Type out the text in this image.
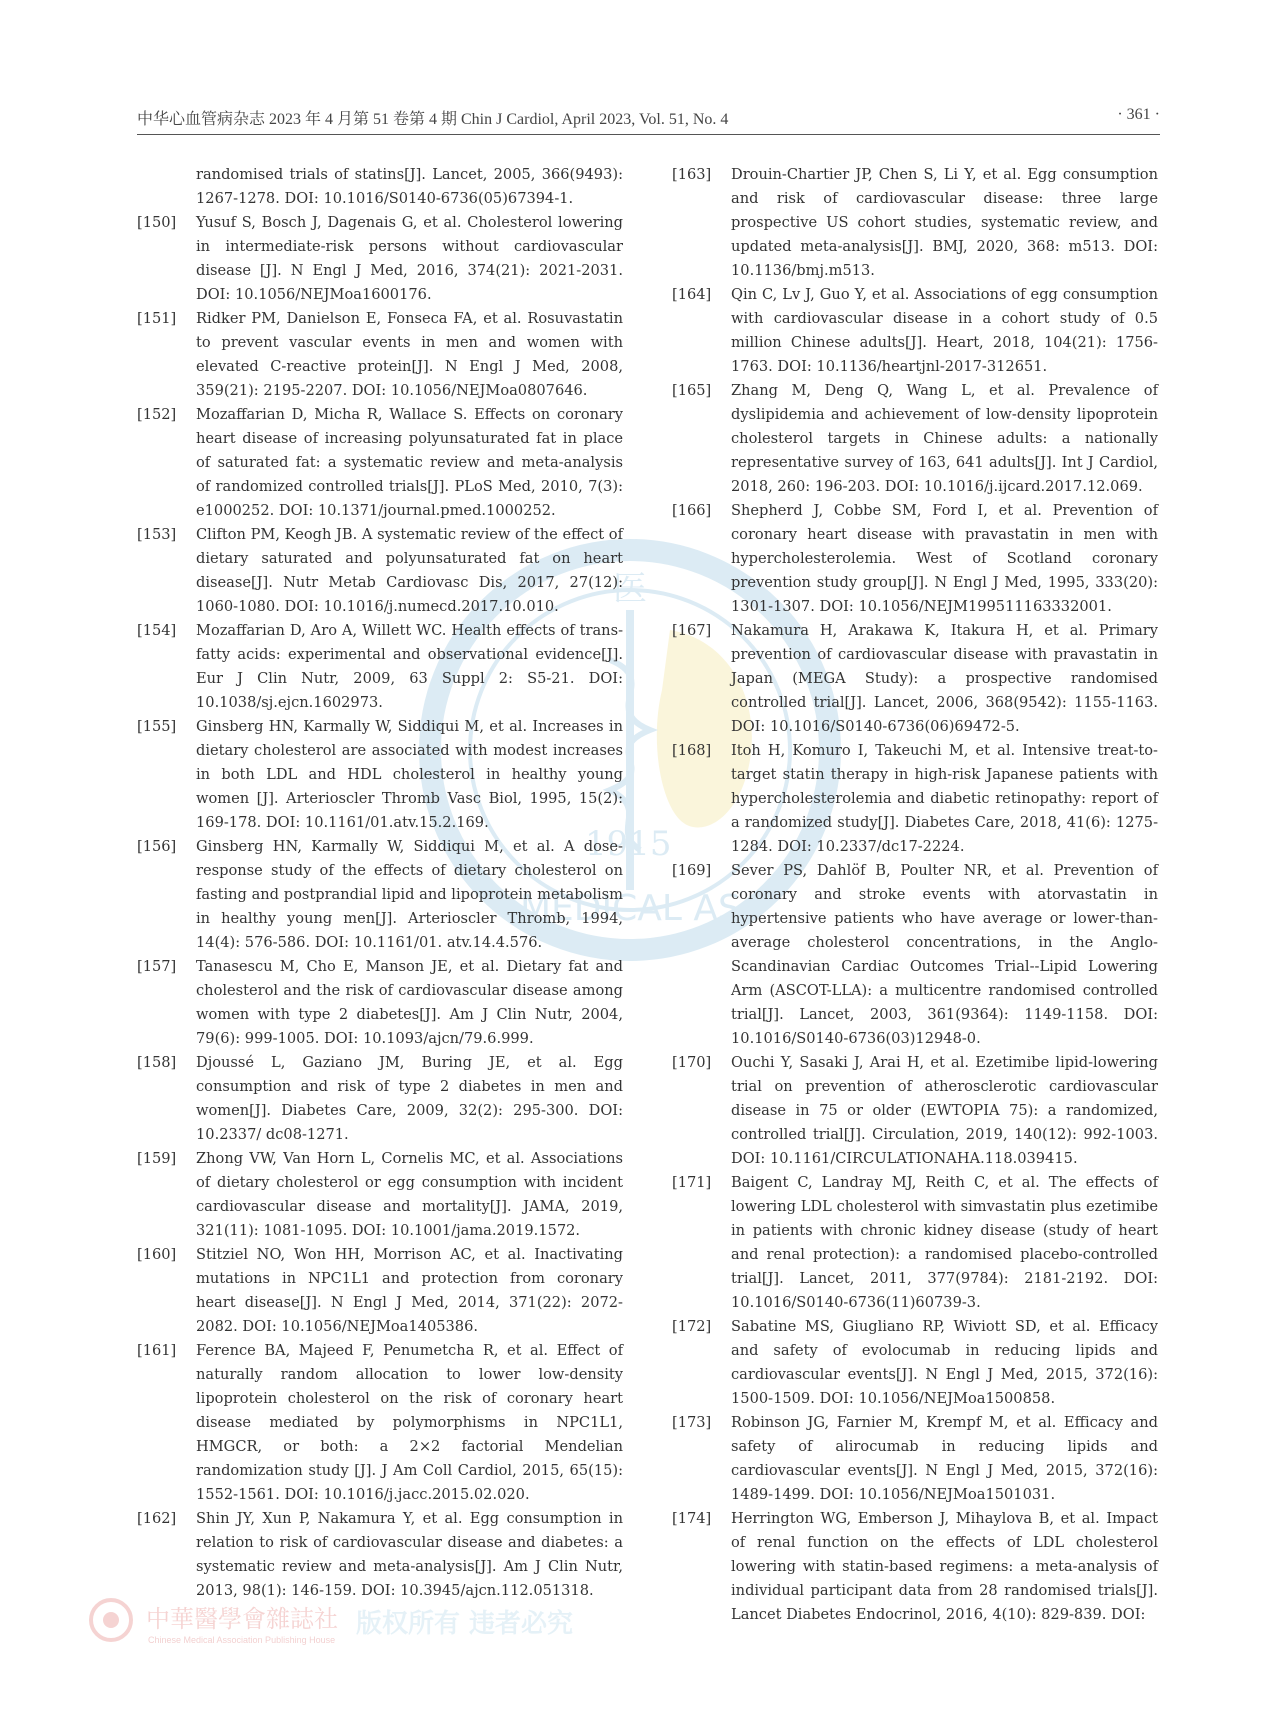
中华心血管病杂志 2023 年 4 月第 51 卷第 4 期 Chin J Cardiol, April 2023, Vol. 51, No. 4	· 361 ·
医
1915
MEDICAL AS
randomised trials of statins[J]. Lancet, 2005, 366(9493): 1267-1278. DOI: 10.1016/S0140-6736(05)67394-1.
[150]	Yusuf S, Bosch J, Dagenais G, et al. Cholesterol lowering in intermediate-risk persons without cardiovascular disease [J]. N Engl J Med, 2016, 374(21): 2021-2031. DOI: 10.1056/NEJMoa1600176.
[151]	Ridker PM, Danielson E, Fonseca FA, et al. Rosuvastatin to prevent vascular events in men and women with elevated C-reactive protein[J]. N Engl J Med, 2008, 359(21): 2195-2207. DOI: 10.1056/NEJMoa0807646.
[152]	Mozaffarian D, Micha R, Wallace S. Effects on coronary heart disease of increasing polyunsaturated fat in place of saturated fat: a systematic review and meta-analysis of randomized controlled trials[J]. PLoS Med, 2010, 7(3): e1000252. DOI: 10.1371/journal.pmed.1000252.
[153]	Clifton PM, Keogh JB. A systematic review of the effect of dietary saturated and polyunsaturated fat on heart disease[J]. Nutr Metab Cardiovasc Dis, 2017, 27(12): 1060-1080. DOI: 10.1016/j.numecd.2017.10.010.
[154]	Mozaffarian D, Aro A, Willett WC. Health effects of trans-fatty acids: experimental and observational evidence[J]. Eur J Clin Nutr, 2009, 63 Suppl 2: S5-21. DOI: 10.1038/sj.ejcn.1602973.
[155]	Ginsberg HN, Karmally W, Siddiqui M, et al. Increases in dietary cholesterol are associated with modest increases in both LDL and HDL cholesterol in healthy young women [J]. Arterioscler Thromb Vasc Biol, 1995, 15(2): 169-178. DOI: 10.1161/01.atv.15.2.169.
[156]	Ginsberg HN, Karmally W, Siddiqui M, et al. A dose-response study of the effects of dietary cholesterol on fasting and postprandial lipid and lipoprotein metabolism in healthy young men[J]. Arterioscler Thromb, 1994, 14(4): 576-586. DOI: 10.1161/01. atv.14.4.576.
[157]	Tanasescu M, Cho E, Manson JE, et al. Dietary fat and cholesterol and the risk of cardiovascular disease among women with type 2 diabetes[J]. Am J Clin Nutr, 2004, 79(6): 999-1005. DOI: 10.1093/ajcn/79.6.999.
[158]	Djoussé L, Gaziano JM, Buring JE, et al. Egg consumption and risk of type 2 diabetes in men and women[J]. Diabetes Care, 2009, 32(2): 295-300. DOI: 10.2337/ dc08-1271.
[159]	Zhong VW, Van Horn L, Cornelis MC, et al. Associations of dietary cholesterol or egg consumption with incident cardiovascular disease and mortality[J]. JAMA, 2019, 321(11): 1081-1095. DOI: 10.1001/jama.2019.1572.
[160]	Stitziel NO, Won HH, Morrison AC, et al. Inactivating mutations in NPC1L1 and protection from coronary heart disease[J]. N Engl J Med, 2014, 371(22): 2072-2082. DOI: 10.1056/NEJMoa1405386.
[161]	Ference BA, Majeed F, Penumetcha R, et al. Effect of naturally random allocation to lower low-density lipoprotein cholesterol on the risk of coronary heart disease mediated by polymorphisms in NPC1L1, HMGCR, or both: a 2×2 factorial Mendelian randomization study [J]. J Am Coll Cardiol, 2015, 65(15): 1552-1561. DOI: 10.1016/j.jacc.2015.02.020.
[162]	Shin JY, Xun P, Nakamura Y, et al. Egg consumption in relation to risk of cardiovascular disease and diabetes: a systematic review and meta-analysis[J]. Am J Clin Nutr, 2013, 98(1): 146-159. DOI: 10.3945/ajcn.112.051318.
[163]	Drouin-Chartier JP, Chen S, Li Y, et al. Egg consumption and risk of cardiovascular disease: three large prospective US cohort studies, systematic review, and updated meta-analysis[J]. BMJ, 2020, 368: m513. DOI: 10.1136/bmj.m513.
[164]	Qin C, Lv J, Guo Y, et al. Associations of egg consumption with cardiovascular disease in a cohort study of 0.5 million Chinese adults[J]. Heart, 2018, 104(21): 1756-1763. DOI: 10.1136/heartjnl-2017-312651.
[165]	Zhang M, Deng Q, Wang L, et al. Prevalence of dyslipidemia and achievement of low-density lipoprotein cholesterol targets in Chinese adults: a nationally representative survey of 163, 641 adults[J]. Int J Cardiol, 2018, 260: 196-203. DOI: 10.1016/j.ijcard.2017.12.069.
[166]	Shepherd J, Cobbe SM, Ford I, et al. Prevention of coronary heart disease with pravastatin in men with hypercholesterolemia. West of Scotland coronary prevention study group[J]. N Engl J Med, 1995, 333(20): 1301-1307. DOI: 10.1056/NEJM199511163332001.
[167]	Nakamura H, Arakawa K, Itakura H, et al. Primary prevention of cardiovascular disease with pravastatin in Japan (MEGA Study): a prospective randomised controlled trial[J]. Lancet, 2006, 368(9542): 1155-1163. DOI: 10.1016/S0140-6736(06)69472-5.
[168]	Itoh H, Komuro I, Takeuchi M, et al. Intensive treat-to-target statin therapy in high-risk Japanese patients with hypercholesterolemia and diabetic retinopathy: report of a randomized study[J]. Diabetes Care, 2018, 41(6): 1275-1284. DOI: 10.2337/dc17-2224.
[169]	Sever PS, Dahlöf B, Poulter NR, et al. Prevention of coronary and stroke events with atorvastatin in hypertensive patients who have average or lower-than-average cholesterol concentrations, in the Anglo-Scandinavian Cardiac Outcomes Trial--Lipid Lowering Arm (ASCOT-LLA): a multicentre randomised controlled trial[J]. Lancet, 2003, 361(9364): 1149-1158. DOI: 10.1016/S0140-6736(03)12948-0.
[170]	Ouchi Y, Sasaki J, Arai H, et al. Ezetimibe lipid-lowering trial on prevention of atherosclerotic cardiovascular disease in 75 or older (EWTOPIA 75): a randomized, controlled trial[J]. Circulation, 2019, 140(12): 992-1003. DOI: 10.1161/CIRCULATIONAHA.118.039415.
[171]	Baigent C, Landray MJ, Reith C, et al. The effects of lowering LDL cholesterol with simvastatin plus ezetimibe in patients with chronic kidney disease (study of heart and renal protection): a randomised placebo-controlled trial[J]. Lancet, 2011, 377(9784): 2181-2192. DOI: 10.1016/S0140-6736(11)60739-3.
[172]	Sabatine MS, Giugliano RP, Wiviott SD, et al. Efficacy and safety of evolocumab in reducing lipids and cardiovascular events[J]. N Engl J Med, 2015, 372(16): 1500-1509. DOI: 10.1056/NEJMoa1500858.
[173]	Robinson JG, Farnier M, Krempf M, et al. Efficacy and safety of alirocumab in reducing lipids and cardiovascular events[J]. N Engl J Med, 2015, 372(16): 1489-1499. DOI: 10.1056/NEJMoa1501031.
[174]	Herrington WG, Emberson J, Mihaylova B, et al. Impact of renal function on the effects of LDL cholesterol lowering with statin-based regimens: a meta-analysis of individual participant data from 28 randomised trials[J]. Lancet Diabetes Endocrinol, 2016, 4(10): 829-839. DOI:
中華醫學會雜誌社
Chinese Medical Association Publishing House
版权所有 违者必究
